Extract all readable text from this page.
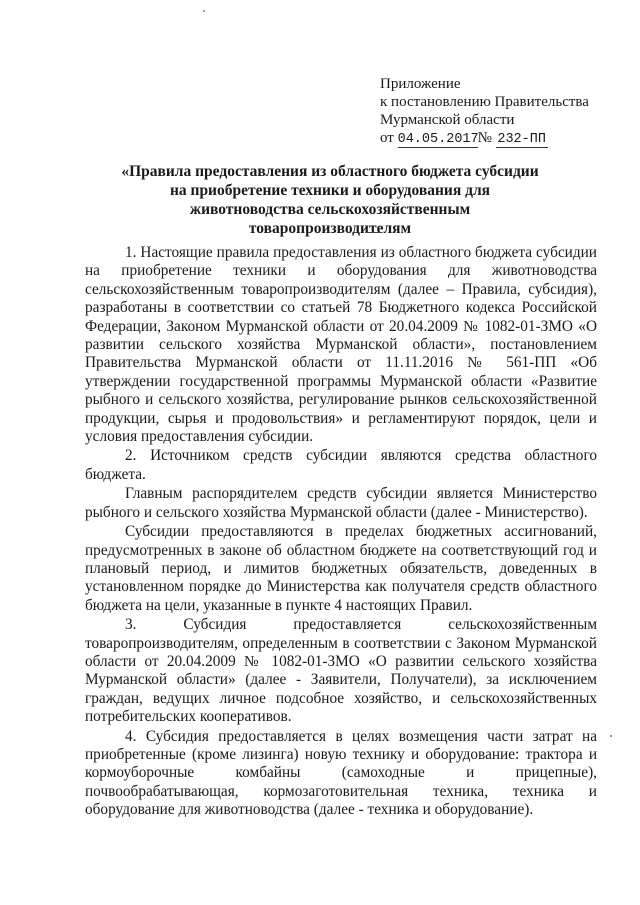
Приложение
к постановлению Правительства
Мурманской области
от 04.05.2017№ 232-ПП
«Правила предоставления из областного бюджета субсидии на приобретение техники и оборудования для животноводства сельскохозяйственным товаропроизводителям

1. Настоящие правила предоставления из областного бюджета субсидии на приобретение техники и оборудования для животноводства сельскохозяйственным товаропроизводителям (далее – Правила, субсидия), разработаны в соответствии со статьей 78 Бюджетного кодекса Российской Федерации, Законом Мурманской области от 20.04.2009 № 1082-01-ЗМО «О развитии сельского хозяйства Мурманской области», постановлением Правительства Мурманской области от 11.11.2016 № 561-ПП «Об утверждении государственной программы Мурманской области «Развитие рыбного и сельского хозяйства, регулирование рынков сельскохозяйственной продукции, сырья и продовольствия» и регламентируют порядок, цели и условия предоставления субсидии.

2. Источником средств субсидии являются средства областного бюджета.

Главным распорядителем средств субсидии является Министерство рыбного и сельского хозяйства Мурманской области (далее - Министерство).

Субсидии предоставляются в пределах бюджетных ассигнований, предусмотренных в законе об областном бюджете на соответствующий год и плановый период, и лимитов бюджетных обязательств, доведенных в установленном порядке до Министерства как получателя средств областного бюджета на цели, указанные в пункте 4 настоящих Правил.

3. Субсидия предоставляется сельскохозяйственным товаропроизводителям, определенным в соответствии с Законом Мурманской области от 20.04.2009 № 1082-01-ЗМО «О развитии сельского хозяйства Мурманской области» (далее - Заявители, Получатели), за исключением граждан, ведущих личное подсобное хозяйство, и сельскохозяйственных потребительских кооперативов.

4. Субсидия предоставляется в целях возмещения части затрат на приобретенные (кроме лизинга) новую технику и оборудование: трактора и кормоуборочные комбайны (самоходные и прицепные), почвообрабатывающая, кормозаготовительная техника, техника и оборудование для животноводства (далее - техника и оборудование).
